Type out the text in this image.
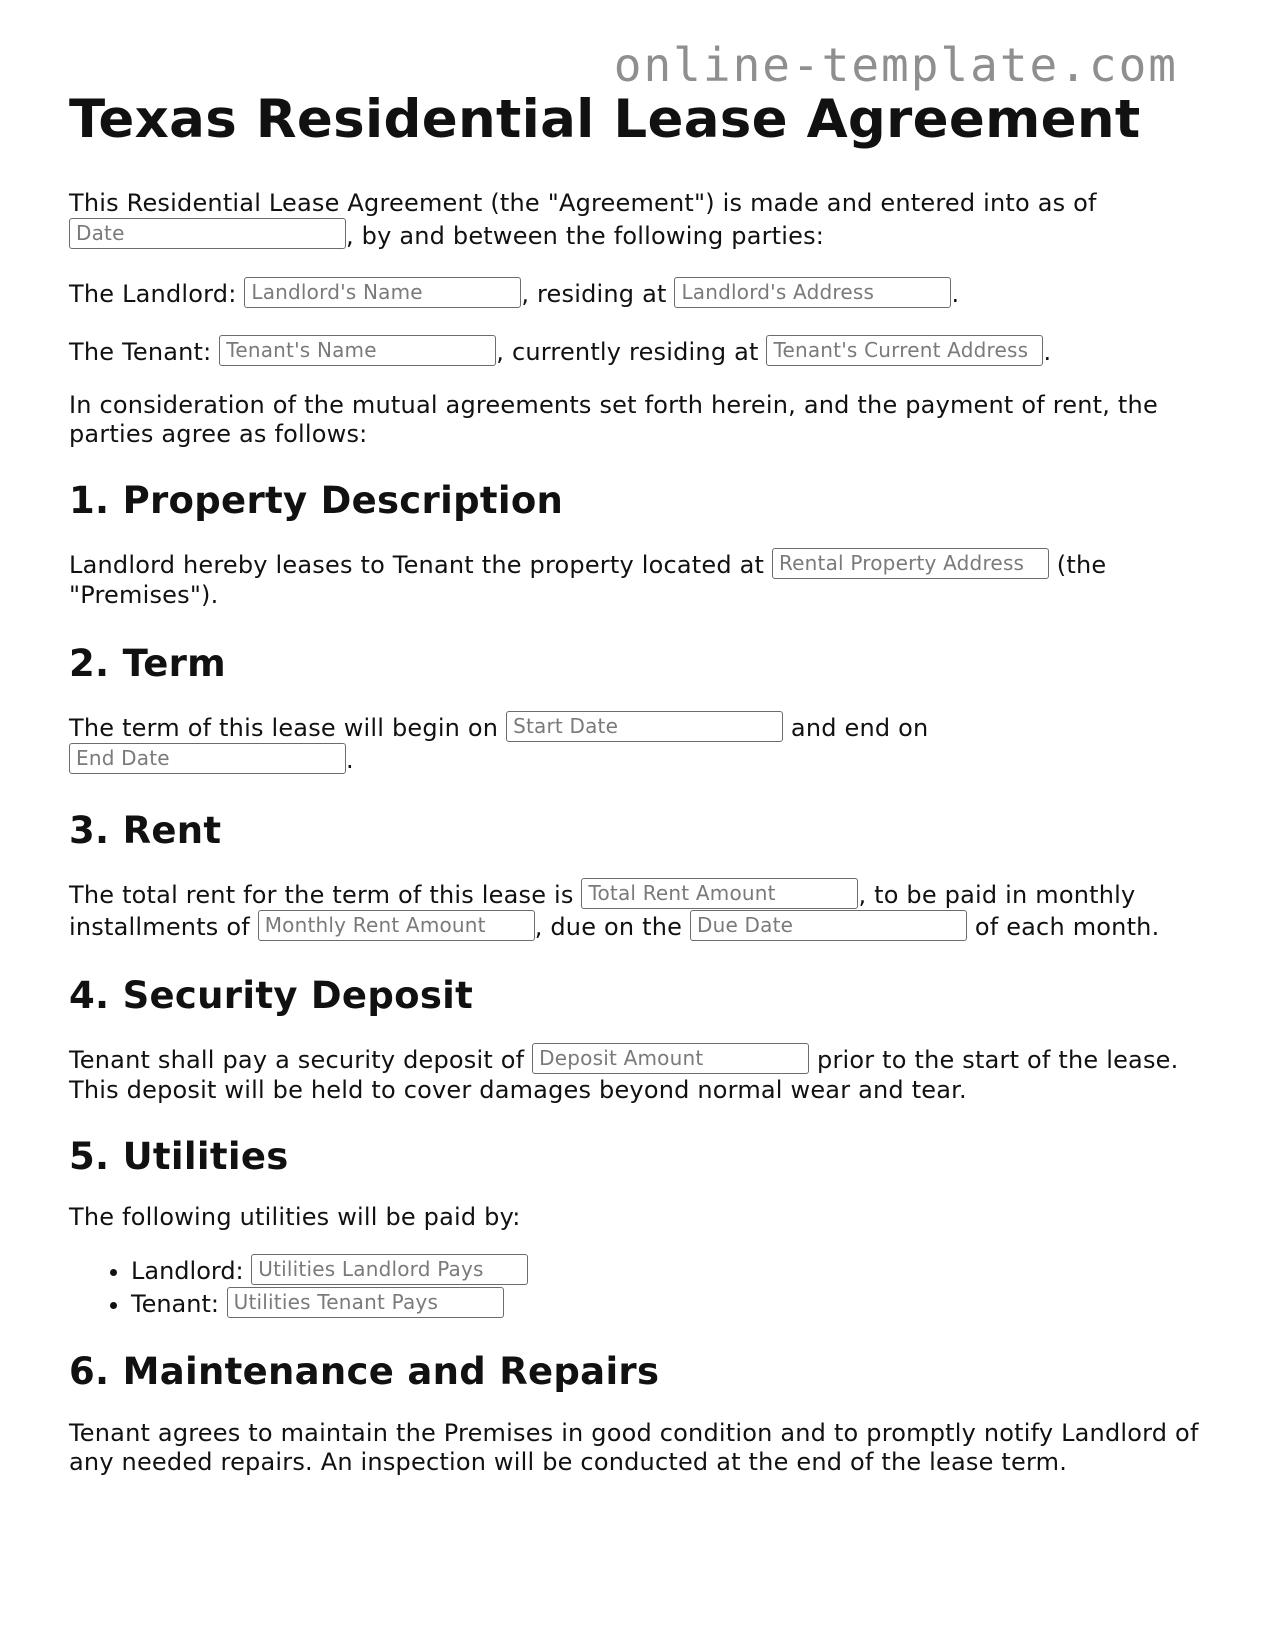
online-template.com
Texas Residential Lease Agreement

This Residential Lease Agreement (the "Agreement") is made and entered into as of
Date	, by and between the following parties:

The Landlord: Landlord's Name	, residing at Landlord's Address	.

The Tenant: Tenant's Name	, currently residing at Tenant's Current Address .

In consideration of the mutual agreements set forth herein, and the payment of rent, the parties agree as follows:

1. Property Description

Landlord hereby leases to Tenant the property located at Rental Property Address (the "Premises").

2. Term

The term of this lease will begin on Start Date	and end on
End Date	.

3. Rent

The total rent for the term of this lease is Total Rent Amount	, to be paid in monthly installments of Monthly Rent Amount , due on the Due Date	of each month.

4. Security Deposit

Tenant shall pay a security deposit of Deposit Amount	prior to the start of the lease. This deposit will be held to cover damages beyond normal wear and tear.

5. Utilities

The following utilities will be paid by:

• Landlord: Utilities Landlord Pays
• Tenant: Utilities Tenant Pays
6. Maintenance and Repairs

Tenant agrees to maintain the Premises in good condition and to promptly notify Landlord of any needed repairs. An inspection will be conducted at the end of the lease term.
